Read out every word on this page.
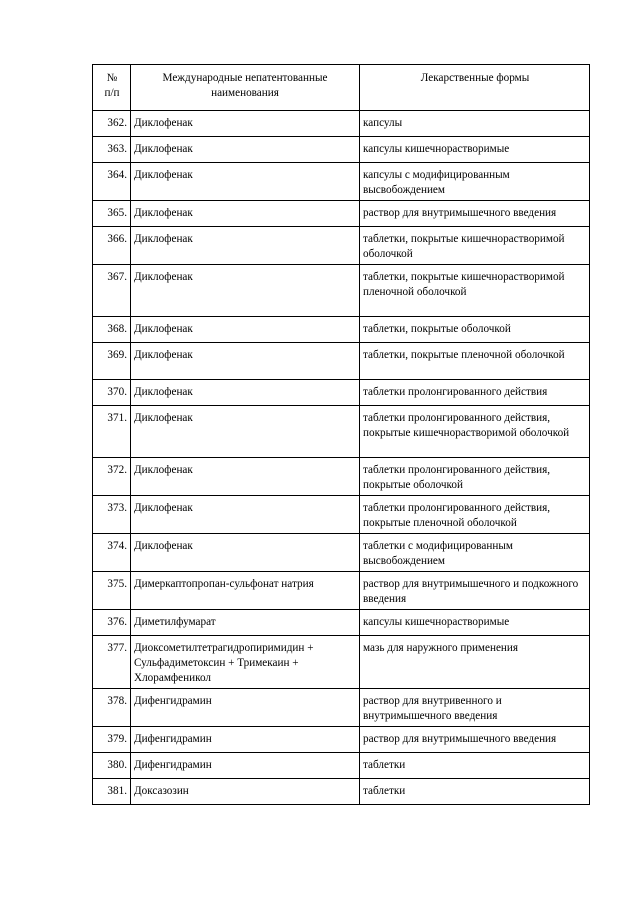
№
п/п	Международные непатентованные наименования	Лекарственные формы
362 .	Диклофенак	капсулы
363 .	Диклофенак	капсулы кишечнорастворимые
364 .	Диклофенак	капсулы с модифицированным высвобождением
365 .	Диклофенак	раствор для внутримышечного введения
366 .	Диклофенак	таблетки, покрытые кишечнорастворимой оболочкой
367 .	Диклофенак	таблетки, покрытые кишечнорастворимой пленочной оболочкой
368 .	Диклофенак	таблетки, покрытые оболочкой
369 .	Диклофенак	таблетки, покрытые пленочной оболочкой
370 .	Диклофенак	таблетки пролонгированного действия
371 .	Диклофенак	таблетки пролонгированного действия, покрытые кишечнорастворимой оболочкой
372 .	Диклофенак	таблетки пролонгированного действия, покрытые оболочкой
373 .	Диклофенак	таблетки пролонгированного действия, покрытые пленочной оболочкой
374 .	Диклофенак	таблетки с модифицированным высвобождением
375 .	Димеркаптопропан-сульфонат натрия	раствор для внутримышечного и подкожного введения
376 .	Диметилфумарат	капсулы кишечнорастворимые
377 .	Диоксометилтетрагидропиримидин + Сульфадиметоксин + Тримекаин + Хлорамфеникол	мазь для наружного применения
378 .	Дифенгидрамин	раствор для внутривенного и внутримышечного введения
379 .	Дифенгидрамин	раствор для внутримышечного введения
380 .	Дифенгидрамин	таблетки
381 .	Доксазозин	таблетки
